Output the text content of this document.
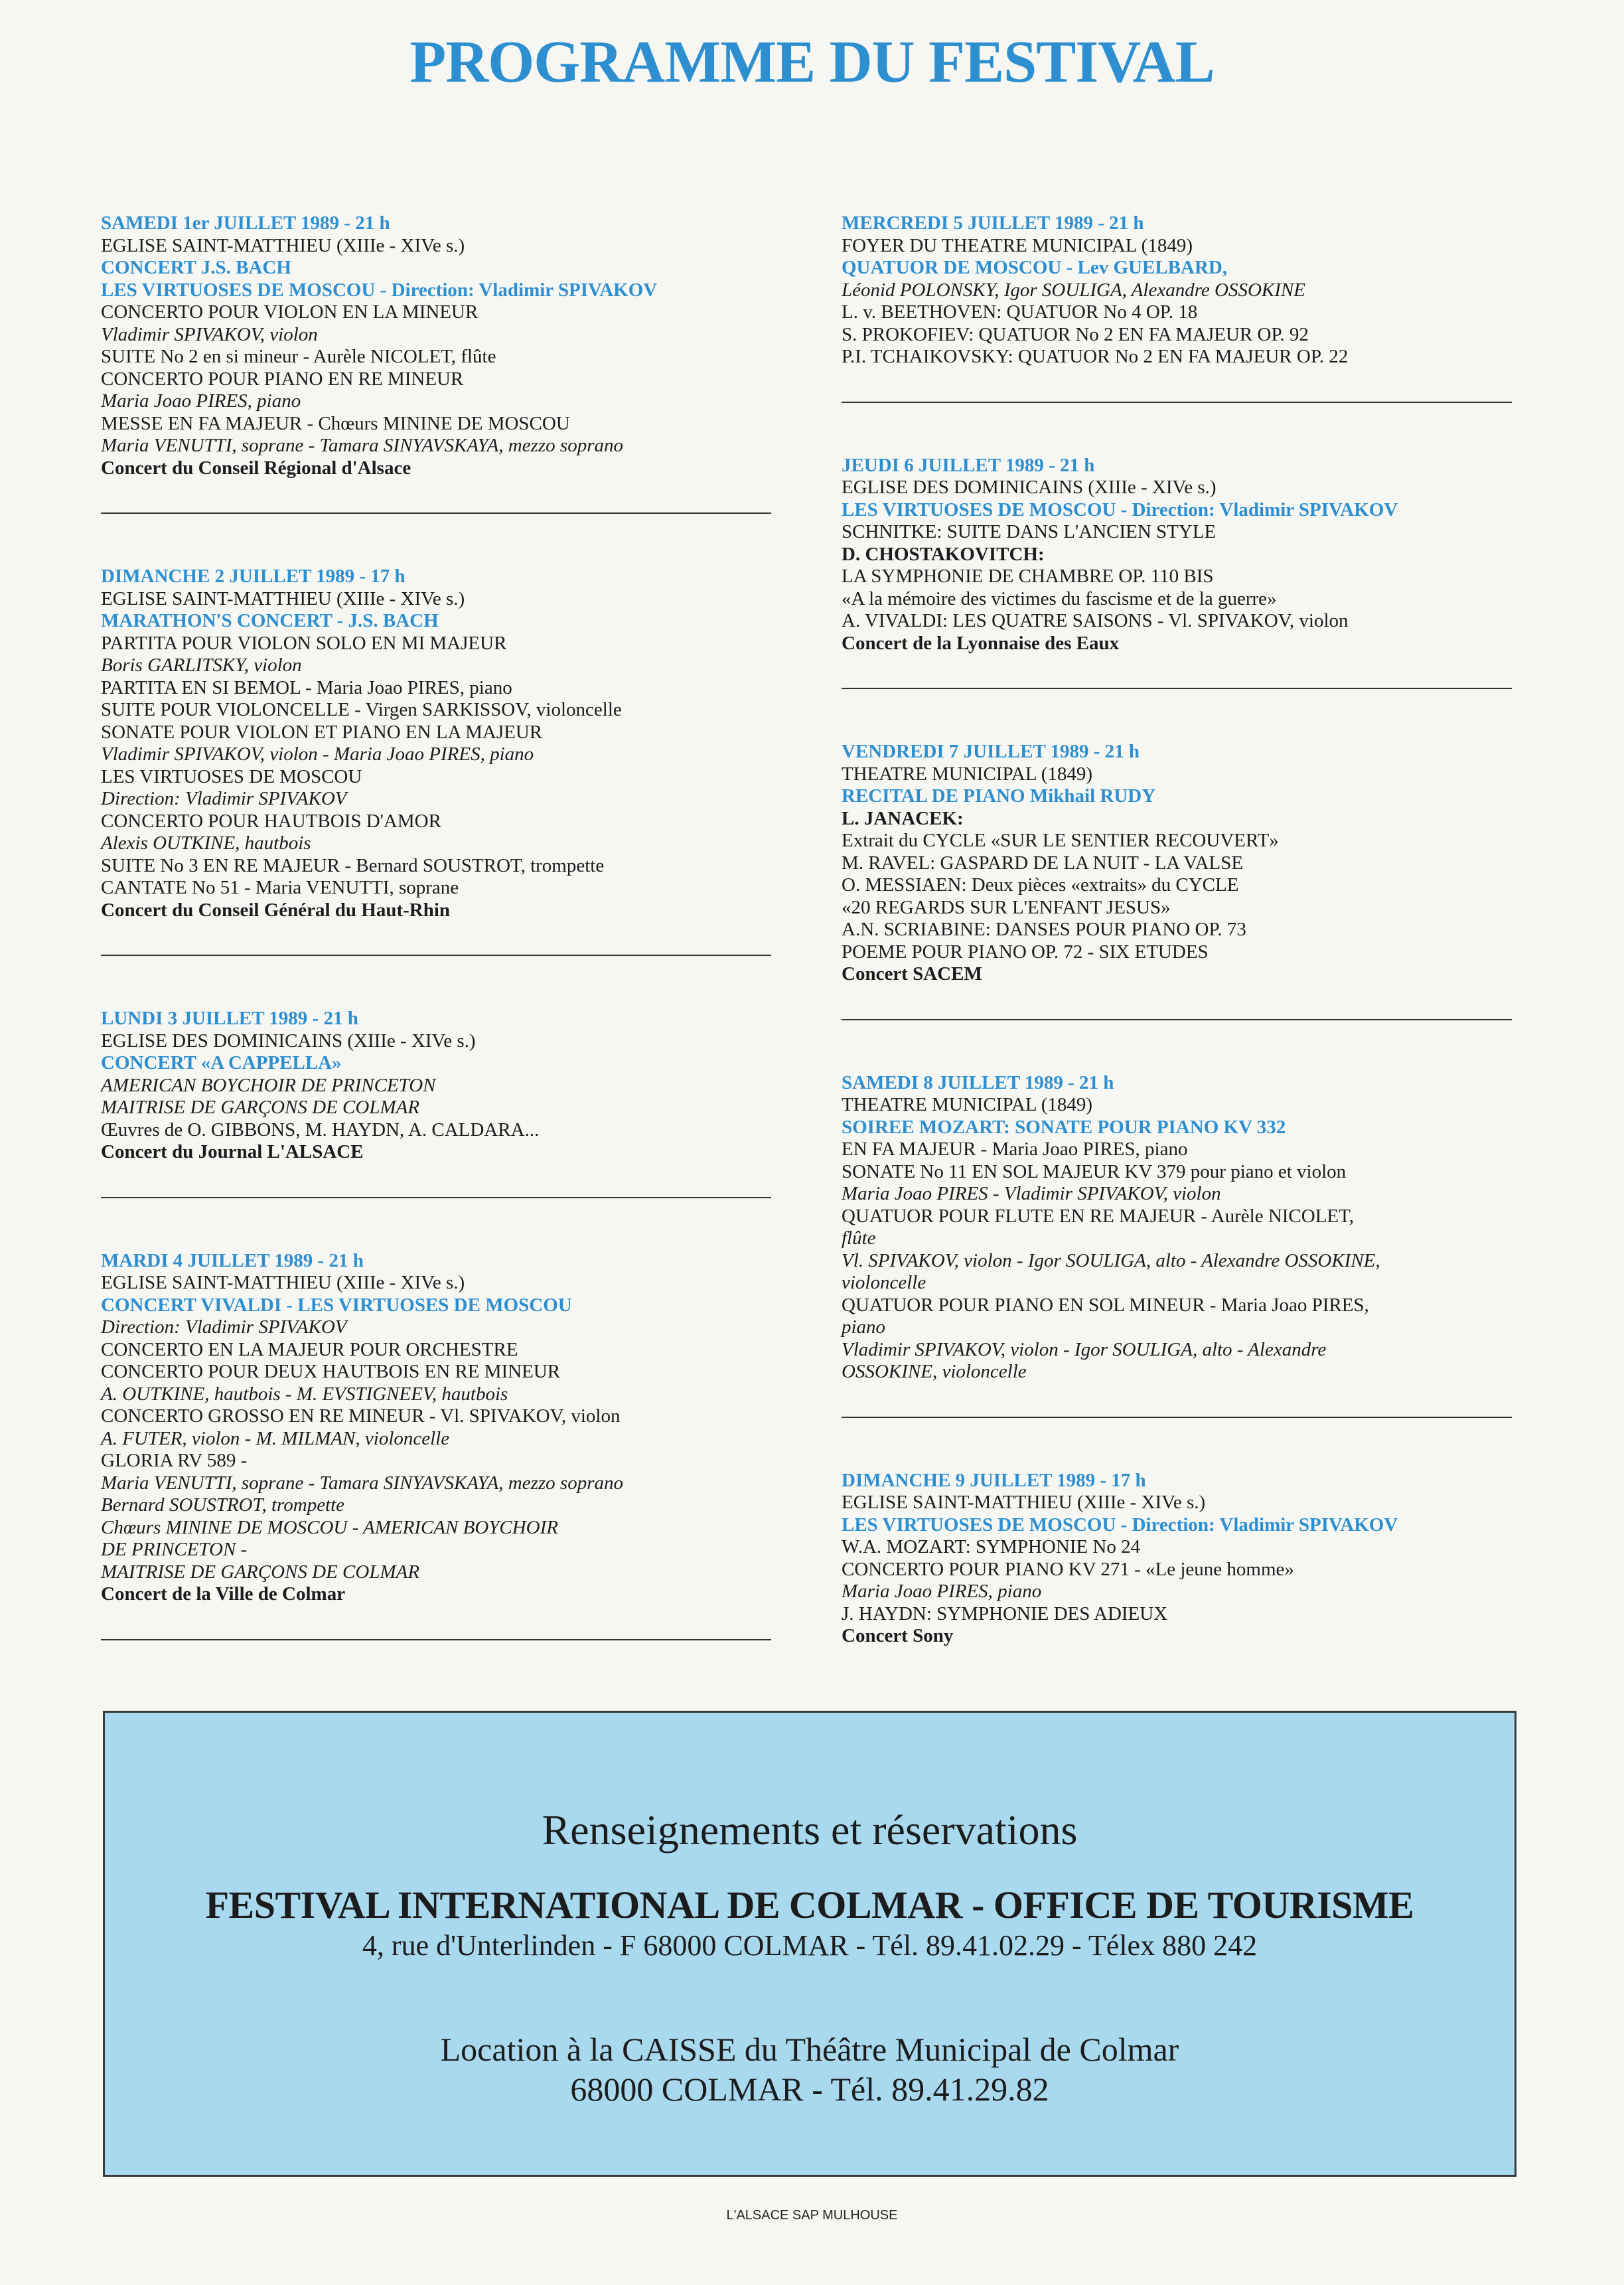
PROGRAMME DU FESTIVAL
SAMEDI 1er JUILLET 1989 - 21 h
EGLISE SAINT-MATTHIEU (XIIIe - XIVe s.)
CONCERT J.S. BACH
LES VIRTUOSES DE MOSCOU - Direction: Vladimir SPIVAKOV
CONCERTO POUR VIOLON EN LA MINEUR
Vladimir SPIVAKOV, violon
SUITE No 2 en si mineur - Aurèle NICOLET, flûte
CONCERTO POUR PIANO EN RE MINEUR
Maria Joao PIRES, piano
MESSE EN FA MAJEUR - Chœurs MININE DE MOSCOU
Maria VENUTTI, soprane - Tamara SINYAVSKAYA, mezzo soprano
Concert du Conseil Régional d'Alsace
DIMANCHE 2 JUILLET 1989 - 17 h
EGLISE SAINT-MATTHIEU (XIIIe - XIVe s.)
MARATHON'S CONCERT - J.S. BACH
PARTITA POUR VIOLON SOLO EN MI MAJEUR
Boris GARLITSKY, violon
PARTITA EN SI BEMOL - Maria Joao PIRES, piano
SUITE POUR VIOLONCELLE - Virgen SARKISSOV, violoncelle
SONATE POUR VIOLON ET PIANO EN LA MAJEUR
Vladimir SPIVAKOV, violon - Maria Joao PIRES, piano
LES VIRTUOSES DE MOSCOU
Direction: Vladimir SPIVAKOV
CONCERTO POUR HAUTBOIS D'AMOR
Alexis OUTKINE, hautbois
SUITE No 3 EN RE MAJEUR - Bernard SOUSTROT, trompette
CANTATE No 51 - Maria VENUTTI, soprane
Concert du Conseil Général du Haut-Rhin
LUNDI 3 JUILLET 1989 - 21 h
EGLISE DES DOMINICAINS (XIIIe - XIVe s.)
CONCERT «A CAPPELLA»
AMERICAN BOYCHOIR DE PRINCETON
MAITRISE DE GARÇONS DE COLMAR
Œuvres de O. GIBBONS, M. HAYDN, A. CALDARA...
Concert du Journal L'ALSACE
MARDI 4 JUILLET 1989 - 21 h
EGLISE SAINT-MATTHIEU (XIIIe - XIVe s.)
CONCERT VIVALDI - LES VIRTUOSES DE MOSCOU
Direction: Vladimir SPIVAKOV
CONCERTO EN LA MAJEUR POUR ORCHESTRE
CONCERTO POUR DEUX HAUTBOIS EN RE MINEUR
A. OUTKINE, hautbois - M. EVSTIGNEEV, hautbois
CONCERTO GROSSO EN RE MINEUR - Vl. SPIVAKOV, violon
A. FUTER, violon - M. MILMAN, violoncelle
GLORIA RV 589 -
Maria VENUTTI, soprane - Tamara SINYAVSKAYA, mezzo soprano
Bernard SOUSTROT, trompette
Chœurs MININE DE MOSCOU - AMERICAN BOYCHOIR
DE PRINCETON -
MAITRISE DE GARÇONS DE COLMAR
Concert de la Ville de Colmar
MERCREDI 5 JUILLET 1989 - 21 h
FOYER DU THEATRE MUNICIPAL (1849)
QUATUOR DE MOSCOU - Lev GUELBARD,
Léonid POLONSKY, Igor SOULIGA, Alexandre OSSOKINE
L. v. BEETHOVEN: QUATUOR No 4 OP. 18
S. PROKOFIEV: QUATUOR No 2 EN FA MAJEUR OP. 92
P.I. TCHAIKOVSKY: QUATUOR No 2 EN FA MAJEUR OP. 22
JEUDI 6 JUILLET 1989 - 21 h
EGLISE DES DOMINICAINS (XIIIe - XIVe s.)
LES VIRTUOSES DE MOSCOU - Direction: Vladimir SPIVAKOV
SCHNITKE: SUITE DANS L'ANCIEN STYLE
D. CHOSTAKOVITCH:
LA SYMPHONIE DE CHAMBRE OP. 110 BIS
«A la mémoire des victimes du fascisme et de la guerre»
A. VIVALDI: LES QUATRE SAISONS - Vl. SPIVAKOV, violon
Concert de la Lyonnaise des Eaux
VENDREDI 7 JUILLET 1989 - 21 h
THEATRE MUNICIPAL (1849)
RECITAL DE PIANO Mikhail RUDY
L. JANACEK:
Extrait du CYCLE «SUR LE SENTIER RECOUVERT»
M. RAVEL: GASPARD DE LA NUIT - LA VALSE
O. MESSIAEN: Deux pièces «extraits» du CYCLE
«20 REGARDS SUR L'ENFANT JESUS»
A.N. SCRIABINE: DANSES POUR PIANO OP. 73
POEME POUR PIANO OP. 72 - SIX ETUDES
Concert SACEM
SAMEDI 8 JUILLET 1989 - 21 h
THEATRE MUNICIPAL (1849)
SOIREE MOZART: SONATE POUR PIANO KV 332
EN FA MAJEUR - Maria Joao PIRES, piano
SONATE No 11 EN SOL MAJEUR KV 379 pour piano et violon
Maria Joao PIRES - Vladimir SPIVAKOV, violon
QUATUOR POUR FLUTE EN RE MAJEUR - Aurèle NICOLET,
flûte
Vl. SPIVAKOV, violon - Igor SOULIGA, alto - Alexandre OSSOKINE,
violoncelle
QUATUOR POUR PIANO EN SOL MINEUR - Maria Joao PIRES,
piano
Vladimir SPIVAKOV, violon - Igor SOULIGA, alto - Alexandre
OSSOKINE, violoncelle
DIMANCHE 9 JUILLET 1989 - 17 h
EGLISE SAINT-MATTHIEU (XIIIe - XIVe s.)
LES VIRTUOSES DE MOSCOU - Direction: Vladimir SPIVAKOV
W.A. MOZART: SYMPHONIE No 24
CONCERTO POUR PIANO KV 271 - «Le jeune homme»
Maria Joao PIRES, piano
J. HAYDN: SYMPHONIE DES ADIEUX
Concert Sony
Renseignements et réservations
FESTIVAL INTERNATIONAL DE COLMAR - OFFICE DE TOURISME
4, rue d'Unterlinden - F 68000 COLMAR - Tél. 89.41.02.29 - Télex 880 242
Location à la CAISSE du Théâtre Municipal de Colmar
68000 COLMAR - Tél. 89.41.29.82
L'ALSACE SAP MULHOUSE
